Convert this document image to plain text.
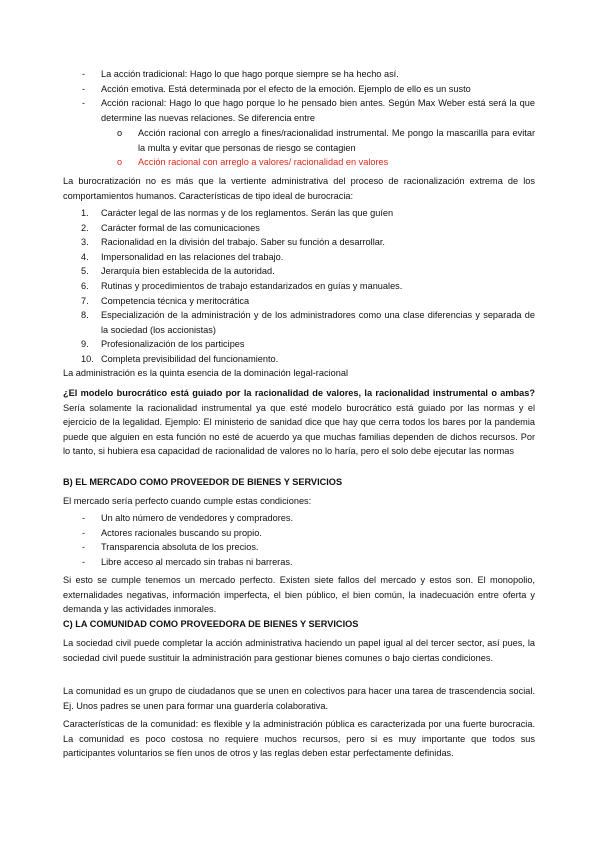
- La acción tradicional: Hago lo que hago porque siempre se ha hecho así.
- Acción emotiva. Está determinada por el efecto de la emoción. Ejemplo de ello es un susto
- Acción racional: Hago lo que hago porque lo he pensado bien antes. Según Max Weber está será la que determine las nuevas relaciones. Se diferencia entre
o Acción racional con arreglo a fines/racionalidad instrumental. Me pongo la mascarilla para evitar la multa y evitar que personas de riesgo se contagien
o Acción racional con arreglo a valores/ racionalidad en valores

La burocratización no es más que la vertiente administrativa del proceso de racionalización extrema de los comportamientos humanos. Características de tipo ideal de burocracia:

1. Carácter legal de las normas y de los reglamentos. Serán las que guíen
2. Carácter formal de las comunicaciones
3. Racionalidad en la división del trabajo. Saber su función a desarrollar.
4. Impersonalidad en las relaciones del trabajo.
5. Jerarquía bien establecida de la autoridad.
6. Rutinas y procedimientos de trabajo estandarizados en guías y manuales.
7. Competencia técnica y meritocrática
8. Especialización de la administración y de los administradores como una clase diferencias y separada de la sociedad (los accionistas)
9. Profesionalización de los participes
10. Completa previsibilidad del funcionamiento.

La administración es la quinta esencia de la dominación legal-racional

¿El modelo burocrático está guiado por la racionalidad de valores, la racionalidad instrumental o ambas? Sería solamente la racionalidad instrumental ya que esté modelo burocrático está guiado por las normas y el ejercicio de la legalidad. Ejemplo: El ministerio de sanidad dice que hay que cerra todos los bares por la pandemia puede que alguien en esta función no esté de acuerdo ya que muchas familias dependen de dichos recursos. Por lo tanto, si hubiera esa capacidad de racionalidad de valores no lo haría, pero el solo debe ejecutar las normas

B) EL MERCADO COMO PROVEEDOR DE BIENES Y SERVICIOS

El mercado sería perfecto cuando cumple estas condiciones:

- Un alto número de vendedores y compradores.
- Actores racionales buscando su propio.
- Transparencia absoluta de los precios.
- Libre acceso al mercado sin trabas ni barreras.

Si esto se cumple tenemos un mercado perfecto. Existen siete fallos del mercado y estos son. El monopolio, externalidades negativas, información imperfecta, el bien público, el bien común, la inadecuación entre oferta y demanda y las actividades inmorales.

C) LA COMUNIDAD COMO PROVEEDORA DE BIENES Y SERVICIOS

La sociedad civil puede completar la acción administrativa haciendo un papel igual al del tercer sector, así pues, la sociedad civil puede sustituir la administración para gestionar bienes comunes o bajo ciertas condiciones.

La comunidad es un grupo de ciudadanos que se unen en colectivos para hacer una tarea de trascendencia social. Ej. Unos padres se unen para formar una guardería colaborativa.

Características de la comunidad: es flexible y la administración pública es caracterizada por una fuerte burocracia. La comunidad es poco costosa no requiere muchos recursos, pero si es muy importante que todos sus participantes voluntarios se fíen unos de otros y las reglas deben estar perfectamente definidas.
